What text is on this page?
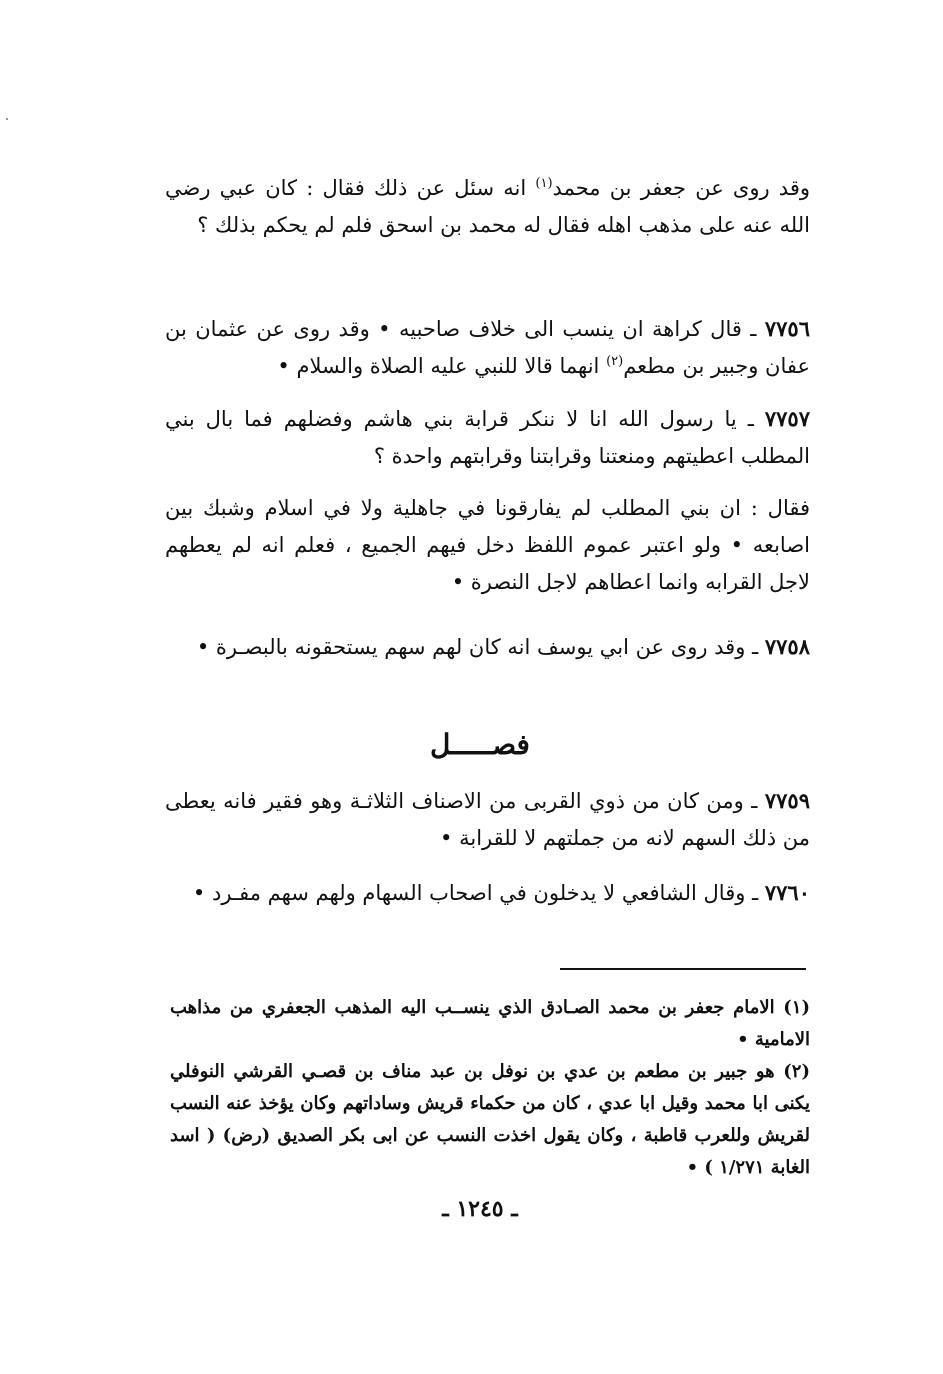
وقد روى عن جعفر بن محمد$^{(١)}$ انه سئل عن ذلك فقال : كان عبي رضي الله عنه على مذهب اهله فقال له محمد بن اسحق فلم لم يحكم بذلك ؟
٧٧٥٦ ـ قال كراهة ان ينسب الى خلاف صاحبيه • وقد روى عن عثمان بن عفان وجبير بن مطعم$^{(٢)}$ انهما قالا للنبي عليه الصلاة والسلام •
٧٧٥٧ ـ يا رسول الله انا لا ننكر قرابة بني هاشم وفضلهم فما بال بني المطلب اعطيتهم ومنعتنا وقرابتنا وقرابتهم واحدة ؟
فقال : ان بني المطلب لم يفارقونا في جاهلية ولا في اسلام وشبك بين اصابعه • ولو اعتبر عموم اللفظ دخل فيهم الجميع ، فعلم انه لم يعطهم لاجل القرابه وانما اعطاهم لاجل النصرة •
٧٧٥٨ ـ وقد روى عن ابي يوسف انه كان لهم سهم يستحقونه بالبصـرة •
فصـــــل
٧٧٥٩ ـ ومن كان من ذوي القربى من الاصناف الثلاثـة وهو فقير فانه يعطى من ذلك السهم لانه من جملتهم لا للقرابة •
٧٧٦٠ ـ وقال الشافعي لا يدخلون في اصحاب السهام ولهم سهم مفـرد •
(١) الامام جعفر بن محمد الصـادق الذي ينســب اليه المذهب الجعفري من مذاهب الامامية •
(٢) هو جبير بن مطعم بن عدي بن نوفل بن عبد مناف بن قصـي القرشي النوفلي يكنى ابا محمد وقيل ابا عدي ، كان من حكماء قريش وساداتهم وكان يؤخذ عنه النسب لقريش وللعرب قاطبة ، وكان يقول اخذت النسب عن ابى بكر الصديق (رض) ( اسد الغابة ١/٢٧١ ) •
ـ ١٢٤٥ ـ
